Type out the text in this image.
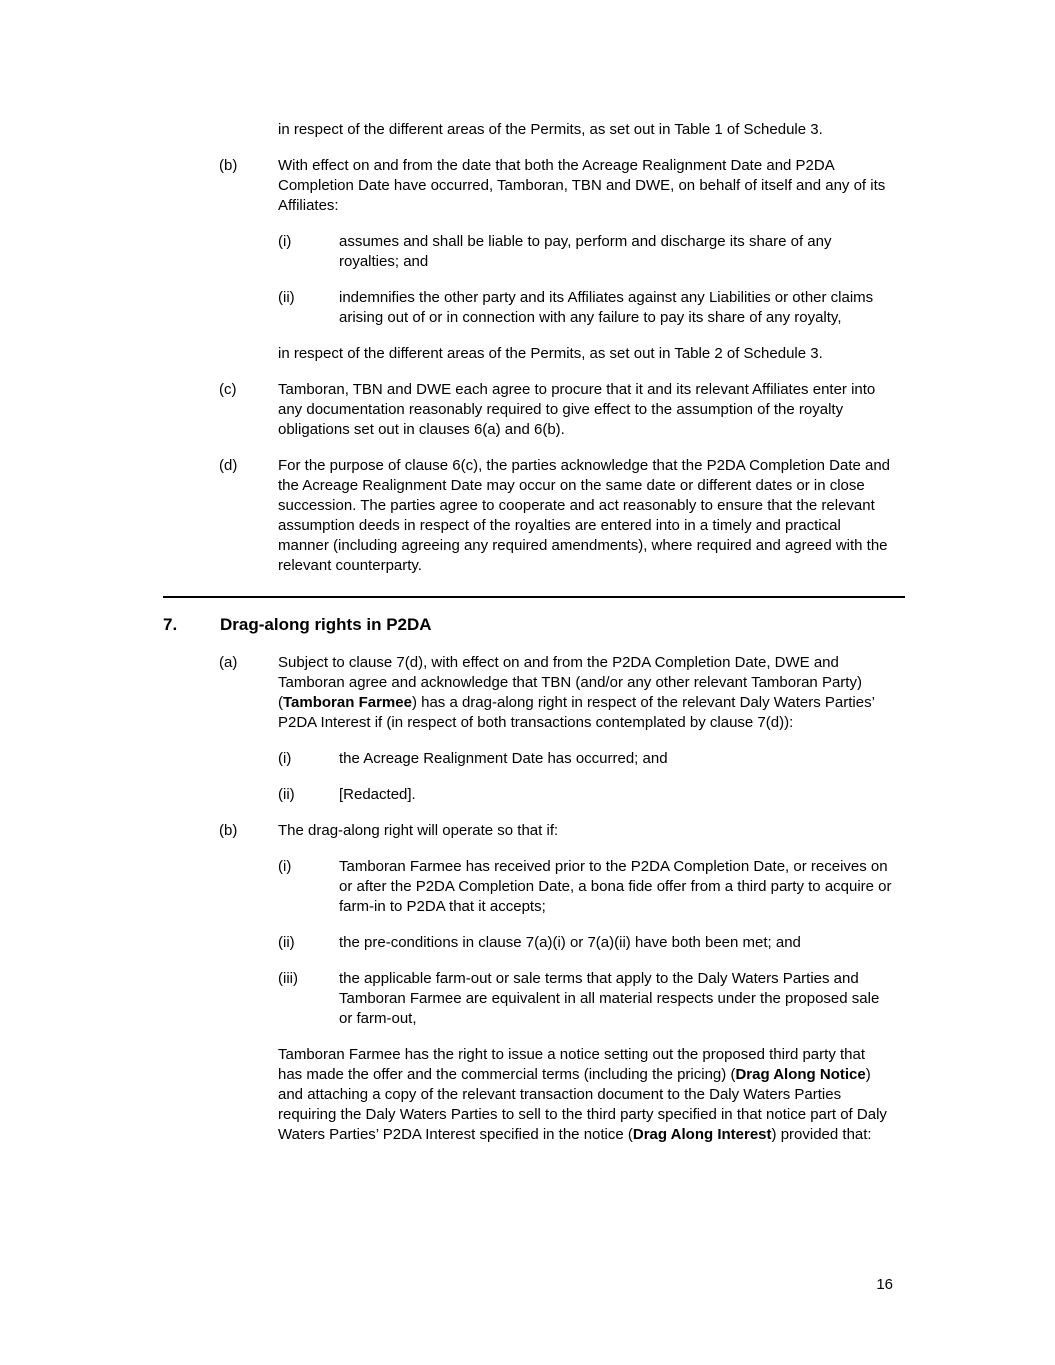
in respect of the different areas of the Permits, as set out in Table 1 of Schedule 3.
(b)	With effect on and from the date that both the Acreage Realignment Date and P2DA Completion Date have occurred, Tamboran, TBN and DWE, on behalf of itself and any of its Affiliates:
(i)	assumes and shall be liable to pay, perform and discharge its share of any royalties; and
(ii)	indemnifies the other party and its Affiliates against any Liabilities or other claims arising out of or in connection with any failure to pay its share of any royalty,
in respect of the different areas of the Permits, as set out in Table 2 of Schedule 3.
(c)	Tamboran, TBN and DWE each agree to procure that it and its relevant Affiliates enter into any documentation reasonably required to give effect to the assumption of the royalty obligations set out in clauses 6(a) and 6(b).
(d)	For the purpose of clause 6(c), the parties acknowledge that the P2DA Completion Date and the Acreage Realignment Date may occur on the same date or different dates or in close succession. The parties agree to cooperate and act reasonably to ensure that the relevant assumption deeds in respect of the royalties are entered into in a timely and practical manner (including agreeing any required amendments), where required and agreed with the relevant counterparty.
7.	Drag-along rights in P2DA
(a)	Subject to clause 7(d), with effect on and from the P2DA Completion Date, DWE and Tamboran agree and acknowledge that TBN (and/or any other relevant Tamboran Party) (Tamboran Farmee) has a drag-along right in respect of the relevant Daly Waters Parties’ P2DA Interest if (in respect of both transactions contemplated by clause 7(d)):
(i)	the Acreage Realignment Date has occurred; and
(ii)	[Redacted].
(b)	The drag-along right will operate so that if:
(i)	Tamboran Farmee has received prior to the P2DA Completion Date, or receives on or after the P2DA Completion Date, a bona fide offer from a third party to acquire or farm-in to P2DA that it accepts;
(ii)	the pre-conditions in clause 7(a)(i) or 7(a)(ii) have both been met; and
(iii)	the applicable farm-out or sale terms that apply to the Daly Waters Parties and Tamboran Farmee are equivalent in all material respects under the proposed sale or farm-out,
Tamboran Farmee has the right to issue a notice setting out the proposed third party that has made the offer and the commercial terms (including the pricing) (Drag Along Notice) and attaching a copy of the relevant transaction document to the Daly Waters Parties requiring the Daly Waters Parties to sell to the third party specified in that notice part of Daly Waters Parties’ P2DA Interest specified in the notice (Drag Along Interest) provided that:
16
